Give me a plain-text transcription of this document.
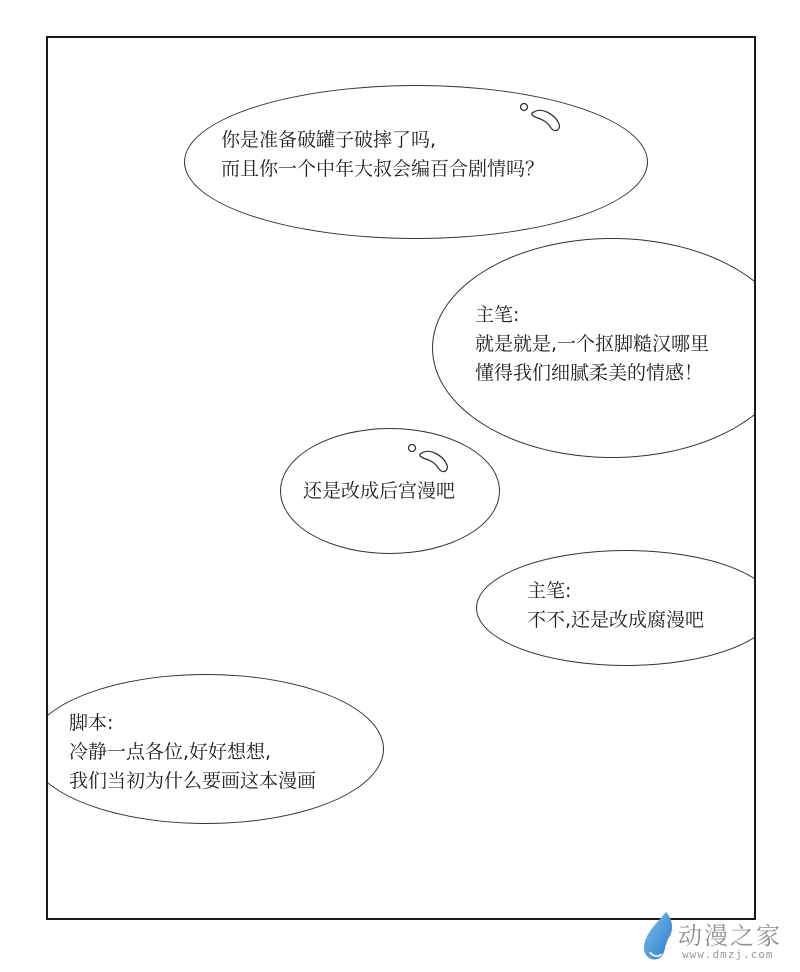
你是准备破罐子破摔了吗,
而且你一个中年大叔会编百合剧情吗？
主笔:
就是就是,一个抠脚糙汉哪里
懂得我们细腻柔美的情感！
还是改成后宫漫吧
主笔:
不不,还是改成腐漫吧
脚本:
冷静一点各位,好好想想,
我们当初为什么要画这本漫画
动漫之家
www.dmzj.com
